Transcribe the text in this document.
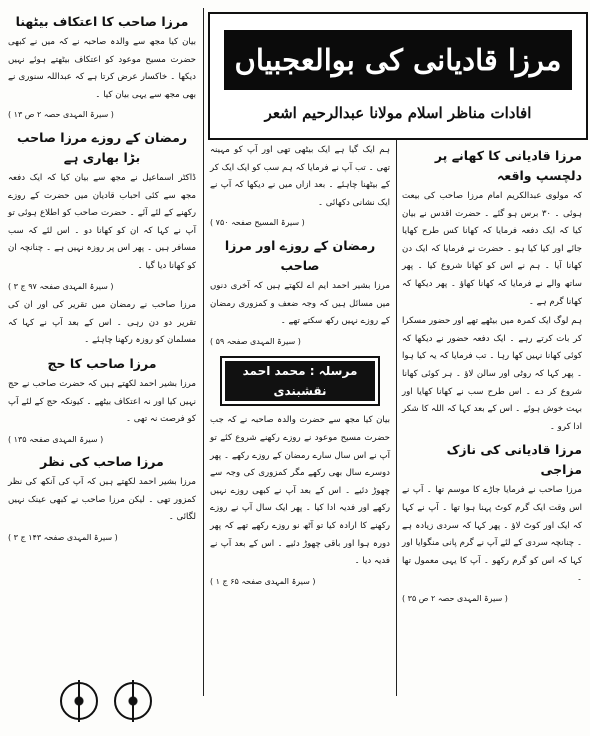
مرزا قادیانی کی بوالعجبیاں
افادات مناظر اسلام مولانا عبدالرحیم اشعر
مرزا قادیانی کا کھانے پر دلچسپ واقعہ

کہ مولوی عبدالکریم امام مرزا صاحب کی بیعت ہوئی ۔ ۳۰ برس ہو گئے ۔ حضرت اقدس نے بیان کیا کہ ایک دفعہ فرمایا کہ کھانا کس طرح کھایا جائے اور کیا کیا ہو ۔ حضرت نے فرمایا کہ ایک دن کھانا آیا ۔ ہم نے اس کو کھانا شروع کیا ۔ پھر ساتھ والے نے فرمایا کہ کھانا کھاؤ ۔ پھر دیکھا کہ کھانا گرم ہے ۔

ہم لوگ ایک کمرہ میں بیٹھے تھے اور حضور مسکرا کر بات کرتے رہے ۔ ایک دفعہ حضور نے دیکھا کہ کوئی کھانا نہیں کھا رہا ۔ تب فرمایا کہ یہ کیا ہوا ۔ پھر کہا کہ روٹی اور سالن لاؤ ۔ ہر کوئی کھانا شروع کر دے ۔ اس طرح سب نے کھانا کھایا اور بہت خوش ہوئے ۔ اس کے بعد کہا کہ اللہ کا شکر ادا کرو ۔

مرزا قادیانی کی نازک مزاجی

مرزا صاحب نے فرمایا جاڑے کا موسم تھا ۔ آپ نے اس وقت ایک گرم کوٹ پہنا ہوا تھا ۔ آپ نے کہا کہ ایک اور کوٹ لاؤ ۔ پھر کہا کہ سردی زیادہ ہے ۔ چنانچہ سردی کے لئے آپ نے گرم پانی منگوایا اور کہا کہ اس کو گرم رکھو ۔ آپ کا یہی معمول تھا ۔

( سیرۃ المہدی حصہ ۲ ص ۳۵ )

ہم ایک گیا ہے ایک بیٹھی تھی اور آپ کو مہینہ تھی ۔ تب آپ نے فرمایا کہ ہم سب کو ایک ایک کر کے بیٹھنا چاہئے ۔ بعد ازاں میں نے دیکھا کہ آپ نے ایک نشانی دکھائی ۔

( سیرۃ المسیح صفحہ ۷۵۰ )

رمضان کے روزے اور مرزا صاحب

مرزا بشیر احمد ایم اے لکھتے ہیں کہ آخری دنوں میں مسائل ہیں کہ وجہ ضعف و کمزوری رمضان کے روزے نہیں رکھ سکتے تھے ۔

( سیرۃ المہدی صفحہ ۵۹ )

مرسلہ : محمد احمد نقشبندی

بیان کیا مجھ سے حضرت والدہ صاحبہ نے کہ جب حضرت مسیح موعود نے روزے رکھنے شروع کئے تو آپ نے اس سال سارے رمضان کے روزے رکھے ۔ پھر دوسرے سال بھی رکھے مگر کمزوری کی وجہ سے چھوڑ دئیے ۔ اس کے بعد آپ نے کبھی روزے نہیں رکھے اور فدیہ ادا کیا ۔ پھر ایک سال آپ نے روزے رکھنے کا ارادہ کیا تو آٹھ نو روزے رکھے تھے کہ پھر دورہ ہوا اور باقی چھوڑ دئیے ۔ اس کے بعد آپ نے فدیہ دیا ۔

( سیرۃ المہدی صفحہ ۶۵ ج ۱ )

مرزا صاحب کا اعتکاف بیٹھنا

بیان کیا مجھ سے والدہ صاحبہ نے کہ میں نے کبھی حضرت مسیح موعود کو اعتکاف بیٹھتے ہوئے نہیں دیکھا ۔ خاکسار عرض کرتا ہے کہ عبداللہ سنوری نے بھی مجھ سے یہی بیان کیا ۔

( سیرۃ المہدی حصہ ۲ ص ۱۳ )

رمضان کے روزے مرزا صاحب بڑا بھاری ہے

ڈاکٹر اسماعیل نے مجھ سے بیان کیا کہ ایک دفعہ مجھ سے کئی احباب قادیان میں حضرت کے روزے رکھنے کے لئے آئے ۔ حضرت صاحب کو اطلاع ہوئی تو آپ نے کہا کہ ان کو کھانا دو ۔ اس لئے کہ سب مسافر ہیں ۔ پھر اس پر روزہ نہیں ہے ۔ چنانچہ ان کو کھانا دیا گیا ۔

( سیرۃ المہدی صفحہ ۹۷ ج ۳ )

مرزا صاحب نے رمضان میں تقریر کی اور ان کی تقریر دو دن رہی ۔ اس کے بعد آپ نے کہا کہ مسلمان کو روزہ رکھنا چاہئے ۔

مرزا صاحب کا حج

مرزا بشیر احمد لکھتے ہیں کہ حضرت صاحب نے حج نہیں کیا اور نہ اعتکاف بیٹھے ۔ کیونکہ حج کے لئے آپ کو فرصت نہ تھی ۔

( سیرۃ المہدی صفحہ ۱۳۵ )

مرزا صاحب کی نظر

مرزا بشیر احمد لکھتے ہیں کہ آپ کی آنکھ کی نظر کمزور تھی ۔ لیکن مرزا صاحب نے کبھی عینک نہیں لگائی ۔

( سیرۃ المہدی صفحہ ۱۴۳ ج ۳ )
